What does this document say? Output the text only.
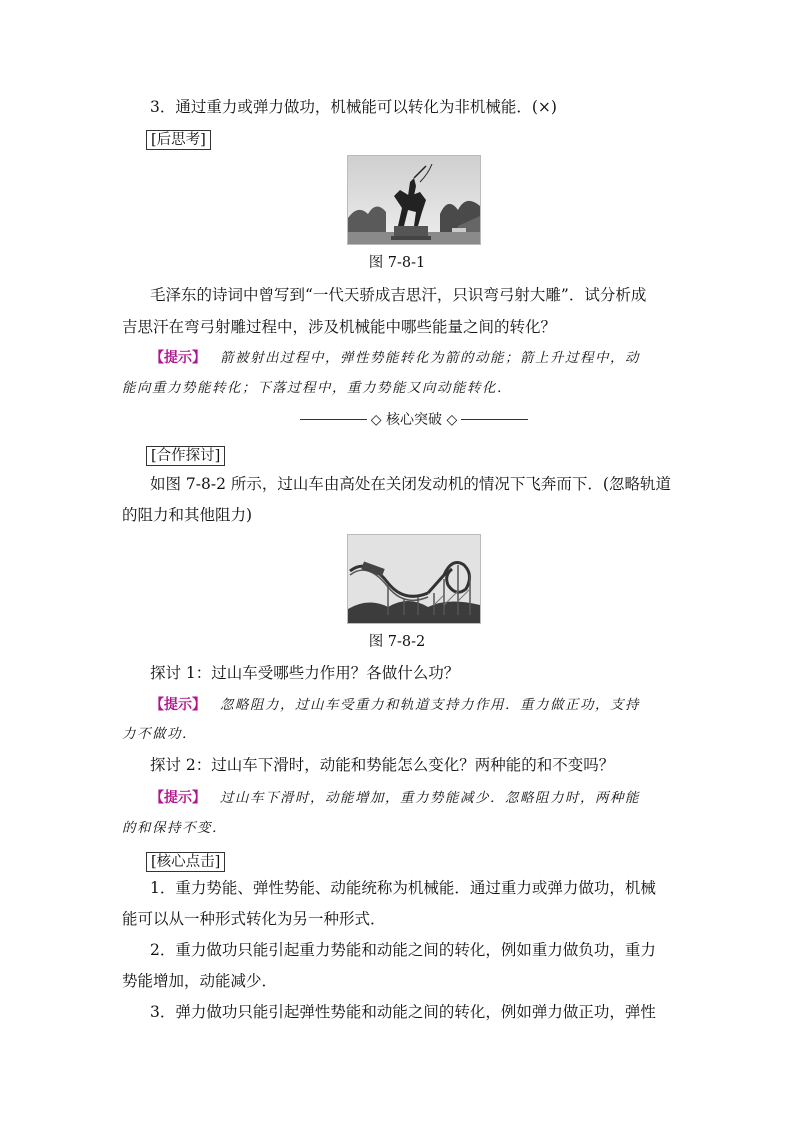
3．通过重力或弹力做功，机械能可以转化为非机械能．(×)
[后思考]
图 7-8-1
毛泽东的诗词中曾写到“一代天骄成吉思汗，只识弯弓射大雕”．试分析成
吉思汗在弯弓射雕过程中，涉及机械能中哪些能量之间的转化？
【提示】 箭被射出过程中，弹性势能转化为箭的动能；箭上升过程中，动
能向重力势能转化；下落过程中，重力势能又向动能转化．
◇ 核心突破 ◇
[合作探讨]
如图 7-8-2 所示，过山车由高处在关闭发动机的情况下飞奔而下．(忽略轨道
的阻力和其他阻力)
图 7-8-2
探讨 1：过山车受哪些力作用？各做什么功？
【提示】 忽略阻力，过山车受重力和轨道支持力作用．重力做正功，支持
力不做功．
探讨 2：过山车下滑时，动能和势能怎么变化？两种能的和不变吗？
【提示】 过山车下滑时，动能增加，重力势能减少．忽略阻力时，两种能
的和保持不变．
[核心点击]
1．重力势能、弹性势能、动能统称为机械能．通过重力或弹力做功，机械
能可以从一种形式转化为另一种形式．
2．重力做功只能引起重力势能和动能之间的转化，例如重力做负功，重力
势能增加，动能减少．
3．弹力做功只能引起弹性势能和动能之间的转化，例如弹力做正功，弹性
